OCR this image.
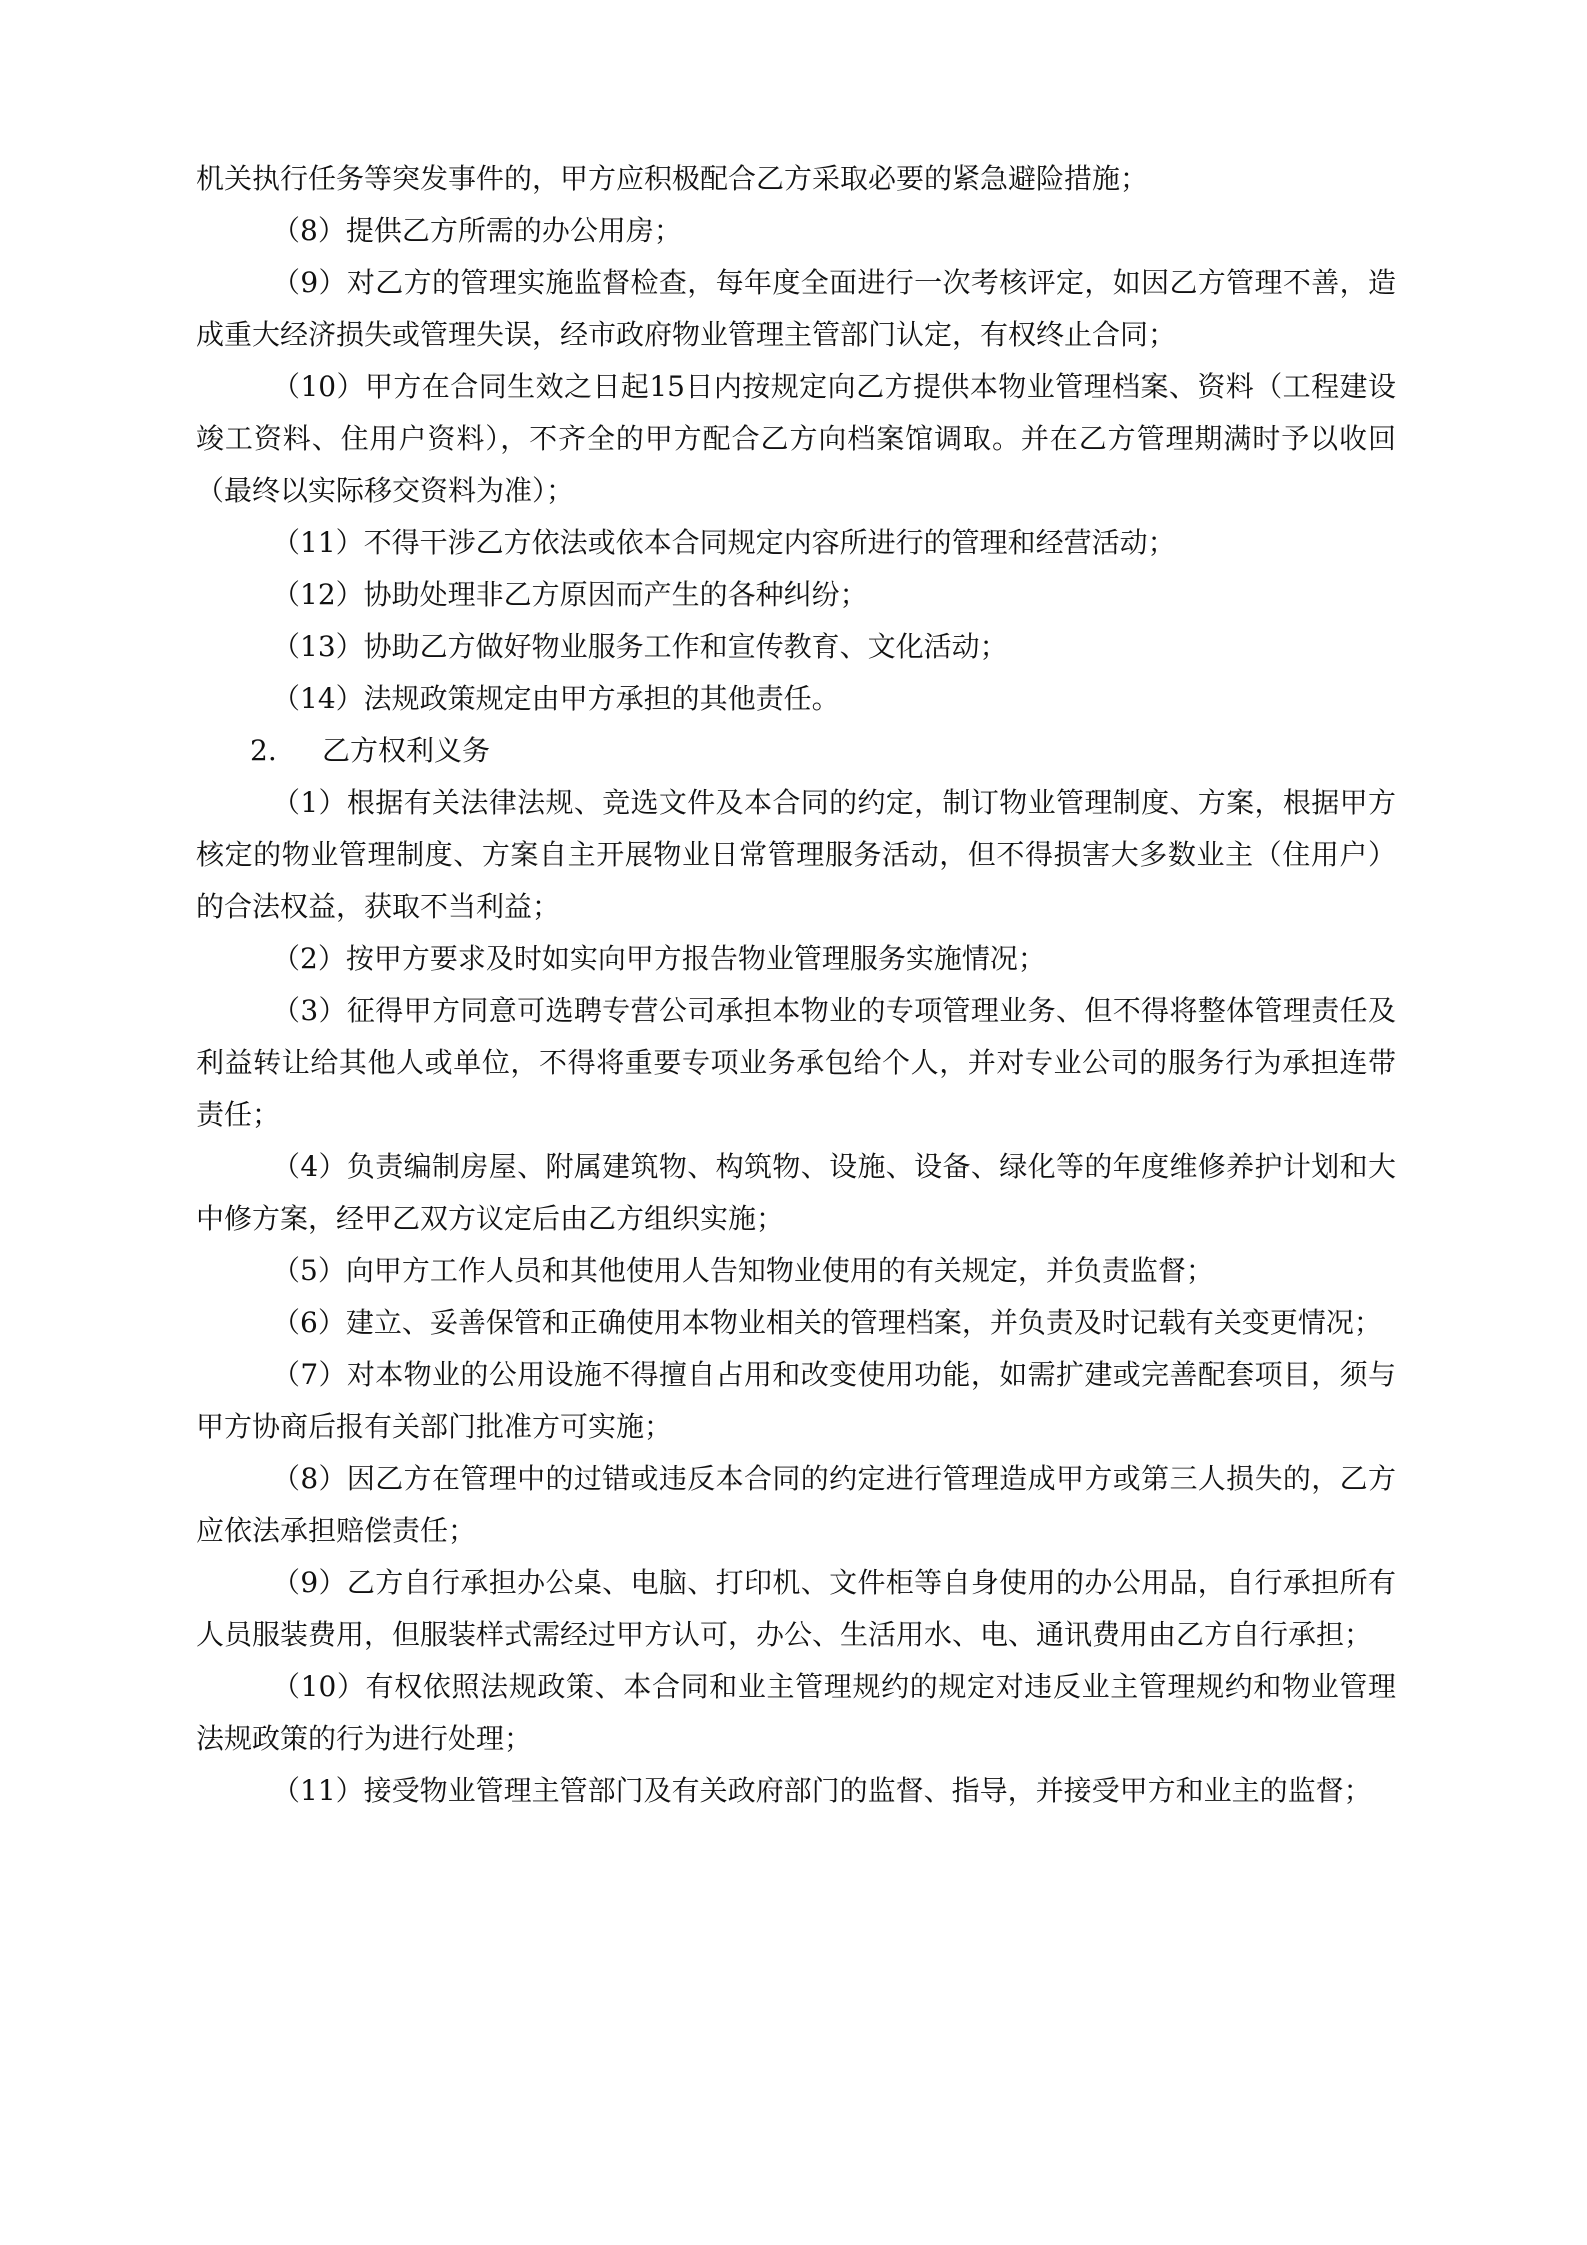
机关执行任务等突发事件的，甲方应积极配合乙方采取必要的紧急避险措施；

（8）提供乙方所需的办公用房；

（9）对乙方的管理实施监督检查，每年度全面进行一次考核评定，如因乙方管理不善，造成重大经济损失或管理失误，经市政府物业管理主管部门认定，有权终止合同；

（10）甲方在合同生效之日起15日内按规定向乙方提供本物业管理档案、资料（工程建设竣工资料、住用户资料），不齐全的甲方配合乙方向档案馆调取。并在乙方管理期满时予以收回（最终以实际移交资料为准）；

（11）不得干涉乙方依法或依本合同规定内容所进行的管理和经营活动；

（12）协助处理非乙方原因而产生的各种纠纷；

（13）协助乙方做好物业服务工作和宣传教育、文化活动；

（14）法规政策规定由甲方承担的其他责任。

2. 乙方权利义务

（1）根据有关法律法规、竞选文件及本合同的约定，制订物业管理制度、方案，根据甲方核定的物业管理制度、方案自主开展物业日常管理服务活动，但不得损害大多数业主（住用户）的合法权益，获取不当利益；

（2）按甲方要求及时如实向甲方报告物业管理服务实施情况；

（3）征得甲方同意可选聘专营公司承担本物业的专项管理业务、但不得将整体管理责任及利益转让给其他人或单位，不得将重要专项业务承包给个人，并对专业公司的服务行为承担连带责任；

（4）负责编制房屋、附属建筑物、构筑物、设施、设备、绿化等的年度维修养护计划和大中修方案，经甲乙双方议定后由乙方组织实施；

（5）向甲方工作人员和其他使用人告知物业使用的有关规定，并负责监督；

（6）建立、妥善保管和正确使用本物业相关的管理档案，并负责及时记载有关变更情况；

（7）对本物业的公用设施不得擅自占用和改变使用功能，如需扩建或完善配套项目，须与甲方协商后报有关部门批准方可实施；

（8）因乙方在管理中的过错或违反本合同的约定进行管理造成甲方或第三人损失的，乙方应依法承担赔偿责任；

（9）乙方自行承担办公桌、电脑、打印机、文件柜等自身使用的办公用品，自行承担所有人员服装费用，但服装样式需经过甲方认可，办公、生活用水、电、通讯费用由乙方自行承担；

（10）有权依照法规政策、本合同和业主管理规约的规定对违反业主管理规约和物业管理法规政策的行为进行处理；

（11）接受物业管理主管部门及有关政府部门的监督、指导，并接受甲方和业主的监督；
